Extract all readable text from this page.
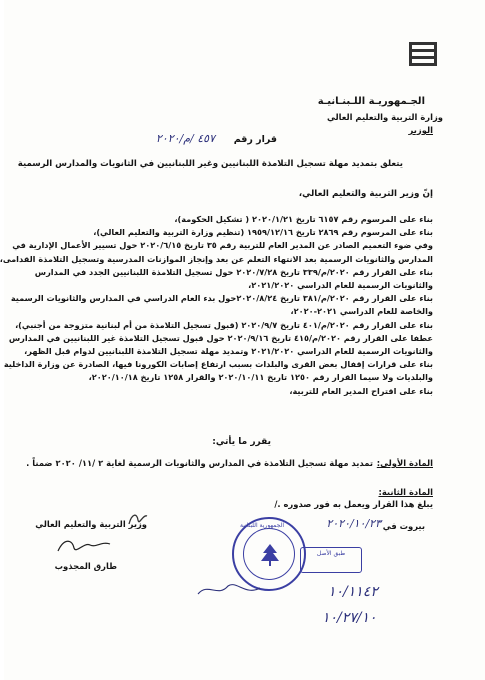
الجـمهوريـة اللـبنـانيـة
وزارة التربية والتعليم العالي
الوزير
قرار رقم
٤٥٧ /م/٢٠٢٠
يتعلق بتمديد مهلة تسجيل التلامذة اللبنانيين وغير اللبنانيين في الثانويات والمدارس الرسمية
إنّ وزير التربية والتعليم العالي،
بناء على المرسوم رقم ٦١٥٧ تاريخ ٢٠٢٠/١/٢١ ( تشكيل الحكومة)،
بناء على المرسوم رقم ٢٨٦٩ تاريخ ١٩٥٩/١٢/١٦ (تنظيم وزارة التربية والتعليم العالي)،
وفي ضوء التعميم الصادر عن المدير العام للتربية رقم ٣٥ تاريخ ٢٠٢٠/٦/١٥ حول تسيير الأعمال الإدارية في
المدارس والثانويات الرسمية بعد الانتهاء التعلم عن بعد وإنجاز الموازنات المدرسية وتسجيل التلامذة القدامى،
بناء على القرار رقم ٢٠٢٠/م/٣٣٩ تاريخ ٢٠٢٠/٧/٢٨ حول تسجيل التلامذة اللبنانيين الجدد في المدارس
والثانويات الرسمية للعام الدراسي ٢٠٢١/٢٠٢٠،
بناء على القرار رقم ٢٠٢٠/م/٣٨١ تاريخ ٢٠٢٠/٨/٢٤حول بدء العام الدراسي في المدارس والثانويات الرسمية
والخاصة للعام الدراسي ٢٠٢١-٢٠٢٠،
بناء على القرار رقم ٢٠٢٠/م/٤٠١ تاريخ ٢٠٢٠/٩/٧ (قبول تسجيل التلامذة من أم لبنانية متزوجة من أجنبي)،
عطفا على القرار رقم ٢٠٢٠/م/٤١٥ تاريخ ٢٠٢٠/٩/١٦ حول قبول تسجيل التلامذة غير اللبنانيين في المدارس
والثانويات الرسمية للعام الدراسي ٢٠٢١/٢٠٢٠ وتمديد مهلة تسجيل التلامذة اللبنانيين لدوام قبل الظهر،
بناء على قرارات إقفال بعض القرى والبلدات بسبب ارتفاع إصابات الكورونا فيها، الصادرة عن وزارة الداخلية
والبلديات ولا سيما القرار رقم ١٢٥٠ تاريخ ٢٠٢٠/١٠/١١ والقرار ١٢٥٨ تاريخ ٢٠٢٠/١٠/١٨،
بناء على اقتراح المدير العام للتربية،
يقرر ما يأتي:
المادة الأولى:
تمديد مهلة تسجيل التلامذة في المدارس والثانويات الرسمية لغاية ٢ /١١/ ٢٠٢٠ ضمناً .
المادة الثانية:
يبلغ هذا القرار ويعمل به فور صدوره ./
بيروت في
٢٠٢٠/١٠/٢٣
وزير التربية والتعليم العالي
طارق المجذوب
الجمهورية اللبنانية
طبق الأصل
١٠/١١٤٢
١٠/٢٧/١٠
